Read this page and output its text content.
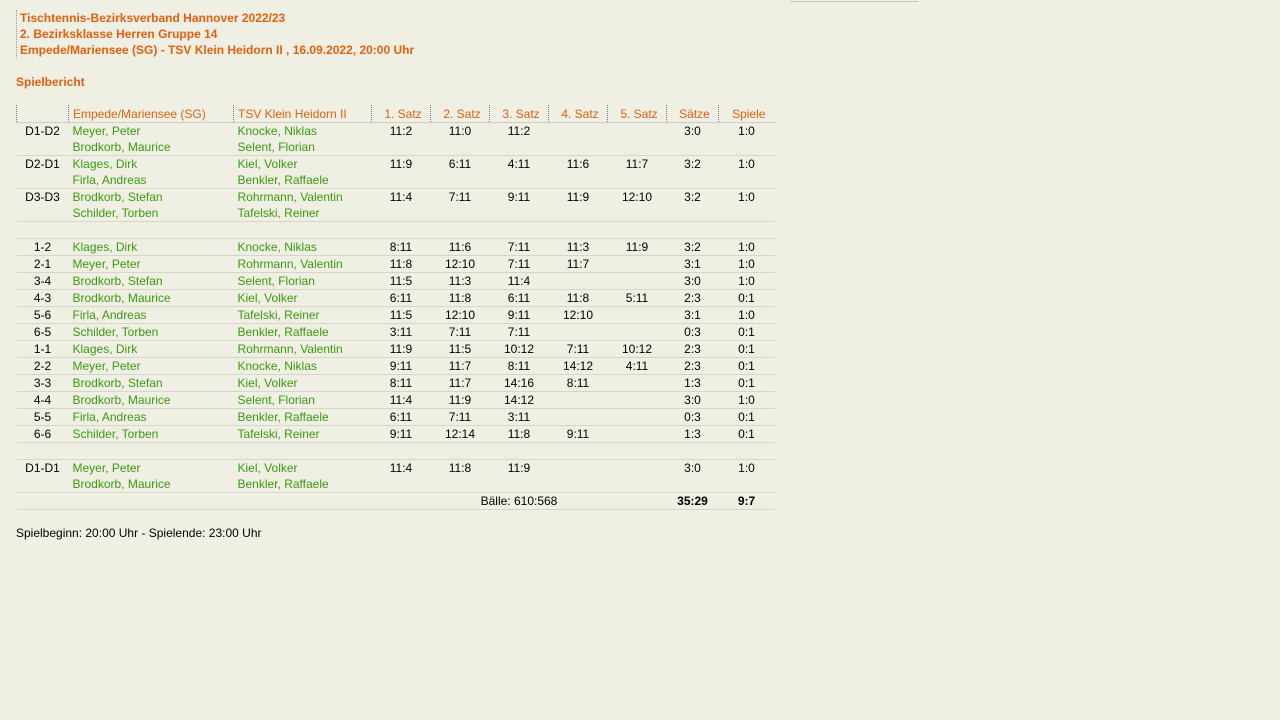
Tischtennis-Bezirksverband Hannover 2022/23
2. Bezirksklasse Herren Gruppe 14
Empede/Mariensee (SG) - TSV Klein Heidorn II , 16.09.2022, 20:00 Uhr
Spielbericht
	Empede/Mariensee (SG)	TSV Klein Heidorn II	1. Satz	2. Satz	3. Satz	4. Satz	5. Satz	Sätze	Spiele
D1-D2	Meyer, Peter	Knocke, Niklas	11:2	11:0	11:2			3:0	1:0
	Brodkorb, Maurice	Selent, Florian							
D2-D1	Klages, Dirk	Kiel, Volker	11:9	6:11	4:11	11:6	11:7	3:2	1:0
	Firla, Andreas	Benkler, Raffaele							
D3-D3	Brodkorb, Stefan	Rohrmann, Valentin	11:4	7:11	9:11	11:9	12:10	3:2	1:0
	Schilder, Torben	Tafelski, Reiner							

1-2	Klages, Dirk	Knocke, Niklas	8:11	11:6	7:11	11:3	11:9	3:2	1:0
2-1	Meyer, Peter	Rohrmann, Valentin	11:8	12:10	7:11	11:7		3:1	1:0
3-4	Brodkorb, Stefan	Selent, Florian	11:5	11:3	11:4			3:0	1:0
4-3	Brodkorb, Maurice	Kiel, Volker	6:11	11:8	6:11	11:8	5:11	2:3	0:1
5-6	Firla, Andreas	Tafelski, Reiner	11:5	12:10	9:11	12:10		3:1	1:0
6-5	Schilder, Torben	Benkler, Raffaele	3:11	7:11	7:11			0:3	0:1
1-1	Klages, Dirk	Rohrmann, Valentin	11:9	11:5	10:12	7:11	10:12	2:3	0:1
2-2	Meyer, Peter	Knocke, Niklas	9:11	11:7	8:11	14:12	4:11	2:3	0:1
3-3	Brodkorb, Stefan	Kiel, Volker	8:11	11:7	14:16	8:11		1:3	0:1
4-4	Brodkorb, Maurice	Selent, Florian	11:4	11:9	14:12			3:0	1:0
5-5	Firla, Andreas	Benkler, Raffaele	6:11	7:11	3:11			0:3	0:1
6-6	Schilder, Torben	Tafelski, Reiner	9:11	12:14	11:8	9:11		1:3	0:1

D1-D1	Meyer, Peter	Kiel, Volker	11:4	11:8	11:9			3:0	1:0
	Brodkorb, Maurice	Benkler, Raffaele							
				Bälle: 610:568				35:29	9:7
Spielbeginn: 20:00 Uhr - Spielende: 23:00 Uhr
